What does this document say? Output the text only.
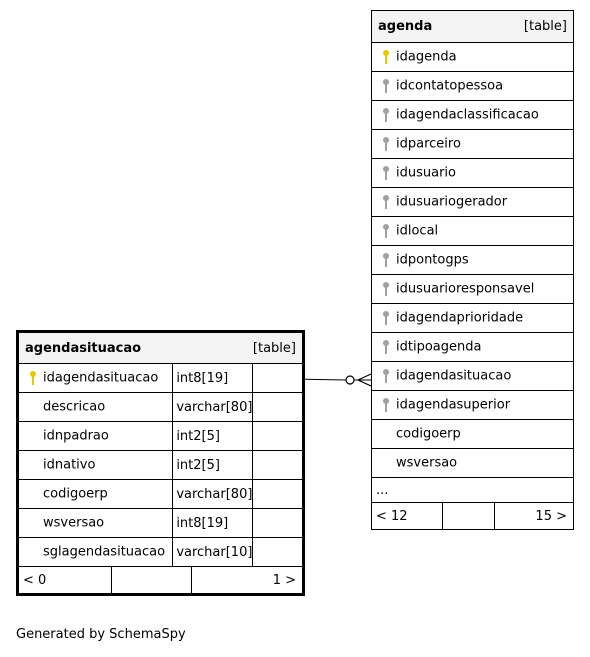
agenda	[table]
idagenda
idcontatopessoa
idagendaclassificacao
idparceiro
idusuario
idusuariogerador
idlocal
idpontogps
idusuarioresponsavel
idagendaprioridade
idtipoagenda
idagendasituacao
idagendasuperior
codigoerp
wsversao
...

< 12		15 >
agendasituacao	[table]
idagendasituacao	int8[19]	
descricao	varchar[80]	
idnpadrao	int2[5]	
idnativo	int2[5]	
codigoerp	varchar[80]	
wsversao	int8[19]	
sglagendasituacao	varchar[10]	

< 0		1 >
Generated by SchemaSpy
